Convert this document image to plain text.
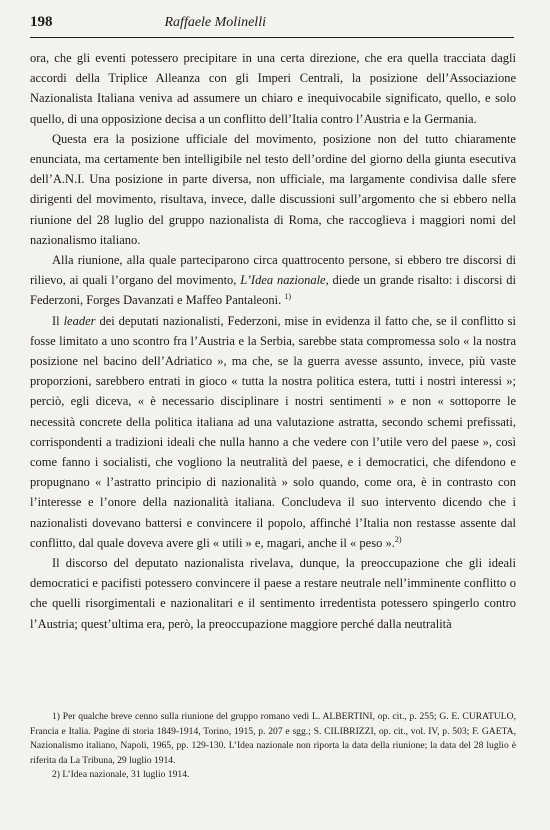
198	Raffaele Molinelli

ora, che gli eventi potessero precipitare in una certa direzione, che era quella tracciata dagli accordi della Triplice Alleanza con gli Imperi Centrali, la posizione dell’Associazione Nazionalista Italiana veniva ad assumere un chiaro e inequivocabile significato, quello, e solo quello, di una opposizione decisa a un conflitto dell’Italia contro l’Austria e la Germania.

Questa era la posizione ufficiale del movimento, posizione non del tutto chiaramente enunciata, ma certamente ben intelligibile nel testo dell’ordine del giorno della giunta esecutiva dell’A.N.I. Una posizione in parte diversa, non ufficiale, ma largamente condivisa dalle sfere dirigenti del movimento, risultava, invece, dalle discussioni sull’argomento che si ebbero nella riunione del 28 luglio del gruppo nazionalista di Roma, che raccoglieva i maggiori nomi del nazionalismo italiano.

Alla riunione, alla quale parteciparono circa quattrocento persone, si ebbero tre discorsi di rilievo, ai quali l’organo del movimento, L’Idea nazionale, diede un grande risalto: i discorsi di Federzoni, Forges Davanzati e Maffeo Pantaleoni. $^{1)}$

Il leader dei deputati nazionalisti, Federzoni, mise in evidenza il fatto che, se il conflitto si fosse limitato a uno scontro fra l’Austria e la Serbia, sarebbe stata compromessa solo « la nostra posizione nel bacino dell’Adriatico », ma che, se la guerra avesse assunto, invece, più vaste proporzioni, sarebbero entrati in gioco « tutta la nostra politica estera, tutti i nostri interessi »; perciò, egli diceva, « è necessario disciplinare i nostri sentimenti » e non « sottoporre le necessità concrete della politica italiana ad una valutazione astratta, secondo schemi prefissati, corrispondenti a tradizioni ideali che nulla hanno a che vedere con l’utile vero del paese », così come fanno i socialisti, che vogliono la neutralità del paese, e i democratici, che difendono e propugnano « l’astratto principio di nazionalità » solo quando, come ora, è in contrasto con l’interesse e l’onore della nazionalità italiana. Concludeva il suo intervento dicendo che i nazionalisti dovevano battersi e convincere il popolo, affinché l’Italia non restasse assente dal conflitto, dal quale doveva avere gli « utili » e, magari, anche il « peso ».$^{2)}$

Il discorso del deputato nazionalista rivelava, dunque, la preoccupazione che gli ideali democratici e pacifisti potessero convincere il paese a restare neutrale nell’imminente conflitto o che quelli risorgimentali e nazionalitari e il sentimento irredentista potessero spingerlo contro l’Austria; quest’ultima era, però, la preoccupazione maggiore perché dalla neutralità

1) Per qualche breve cenno sulla riunione del gruppo romano vedi L. ALBERTINI, op. cit., p. 255; G. E. CURATULO, Francia e Italia. Pagine di storia 1849-1914, Torino, 1915, p. 207 e sgg.; S. CILIBRIZZI, op. cit., vol. IV, p. 503; F. GAETA, Nazionalismo italiano, Napoli, 1965, pp. 129-130. L’Idea nazionale non riporta la data della riunione; la data del 28 luglio è riferita da La Tribuna, 29 luglio 1914.

2) L’Idea nazionale, 31 luglio 1914.
